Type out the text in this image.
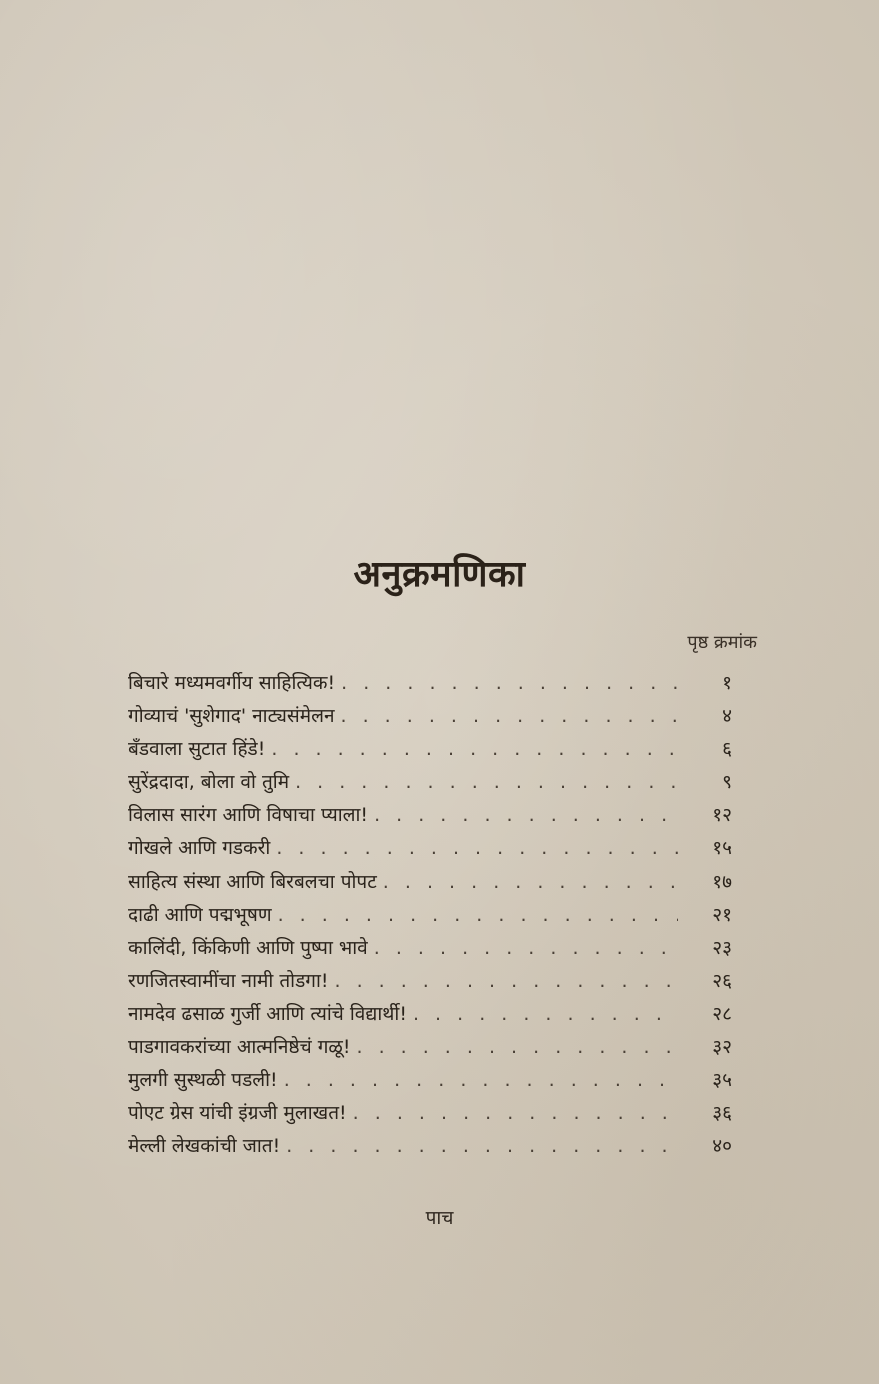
अनुक्रमणिका
पृष्ठ क्रमांक
बिचारे मध्यमवर्गीय साहित्यिक! . . .	१
गोव्याचं 'सुशेगाद' नाट्यसंमेलन . . .	४
बँडवाला सुटात हिंडे! . . .	६
सुरेंद्रदादा, बोला वो तुमि . . .	९
विलास सारंग आणि विषाचा प्याला! . . .	१२
गोखले आणि गडकरी . . .	१५
साहित्य संस्था आणि बिरबलचा पोपट . . .	१७
दाढी आणि पद्मभूषण . . .	२१
कालिंदी, किंकिणी आणि पुष्पा भावे . . .	२३
रणजितस्वामींचा नामी तोडगा! . . .	२६
नामदेव ढसाळ गुर्जी आणि त्यांचे विद्यार्थी! . . .	२८
पाडगावकरांच्या आत्मनिष्ठेचं गळू! . . .	३२
मुलगी सुस्थळी पडली! . . .	३५
पोएट ग्रेस यांची इंग्रजी मुलाखत! . . .	३६
मेल्ली लेखकांची जात! . . .	४०
पाच
